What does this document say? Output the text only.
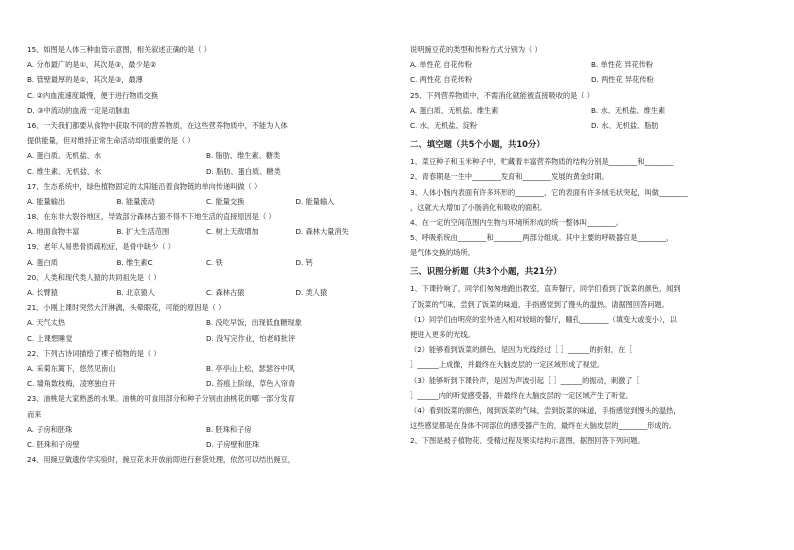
15、如图是人体三种血管示意图，相关叙述正确的是（ ）
A. 分布最广的是①，其次是③，最少是②
B. 管壁最厚的是①，其次是③，最薄
C. ②内血流速度最慢，便于进行物质交换
D. ③中流动的血液一定是动脉血
16、一天我们都要从食物中获取不同的营养物质，在这些营养物质中，不能为人体
提供能量，但对维持正常生命活动却很重要的是（ ）
A. 蛋白质、无机盐、水	B. 脂肪、维生素、糖类
C. 维生素、无机盐、水	D. 脂肪、蛋白质、糖类
17、生态系统中，绿色植物固定的太阳能沿着食物链的单向传递叫做（ ）
A. 能量输出	B. 能量流动	C. 能量交换	D. 能量输入
18、在东非大裂谷地区，导致部分森林古猿不得不下地生活的直接原因是（ ）
A. 地面食物丰富	B. 扩大生活范围	C. 树上天敌增加	D. 森林大量消失
19、老年人易患骨质疏松症，是骨中缺少（ ）
A. 蛋白质	B. 维生素C	C. 铁	D. 钙
20、人类和现代类人猿的共同祖先是（ ）
A. 长臂猿	B. 北京猿人	C. 森林古猿	D. 类人猿
21、小刚上课时突然大汗淋漓，头晕眼花，可能的原因是（ ）
A. 天气太热	B. 没吃早饭，出现低血糖现象
C. 上课想睡觉	D. 没写完作业，怕老师批评
22、下列古诗词描绘了裸子植物的是（ ）
A. 采菊东篱下，悠然见南山	B. 亭亭山上松，瑟瑟谷中风
C. 墙角数枝梅，凌寒独自开	D. 苔痕上阶绿，草色入帘青
23、油桃是大家熟悉的水果。油桃的可食用部分和种子分别由油桃花的哪一部分发育
而来
A. 子房和胚珠	B. 胚珠和子房
C. 胚珠和子房壁	D. 子房壁和胚珠
24、用豌豆做遗传学实验时，豌豆花未开放前即进行套袋处理，依然可以结出豌豆，
说明豌豆花的类型和传粉方式分别为（ ）
A. 单性花 自花传粉	B. 单性花 异花传粉
C. 两性花 自花传粉	D. 两性花 异花传粉
25、下列营养物质中，不需消化就能被直接吸收的是（ ）
A. 蛋白质、无机盐、维生素	B. 水、无机盐、维生素
C. 水、无机盐、淀粉	D. 水、无机盐、脂肪
二、填空题（共5个小题，共10分）
1、菜豆种子和玉米种子中，贮藏着丰富营养物质的结构分别是________和________
2、青春期是一生中________发育和________发展的黄金时期。
3、人体小肠内表面有许多环形的________，它的表面有许多绒毛状突起，叫做________
，这就大大增加了小肠消化和吸收的面积。
4、在一定的空间范围内生物与环境所形成的统一整体叫________。
5、呼吸系统由________和________两部分组成。其中主要的呼吸器官是________，
是气体交换的场所。
三、识图分析题（共3个小题，共21分）
1、下课铃响了，同学们匆匆地跑出教室，直奔餐厅，同学们看到了饭菜的颜色，闻到
了饭菜的气味，尝到了饭菜的味道，手指感觉到了馒头的温热。请据图回答问题。
（1）同学们由明亮的室外进入相对较暗的餐厅，瞳孔________（填变大或变小），以
便进入更多的光线。
（2）能够看到饭菜的颜色，是因为光线经过［ ］______的折射，在［
］______上成像，并最终在大脑皮层的一定区域形成了视觉。
（3）能够听到下课铃声，是因为声波引起［ ］______的振动，刺激了［
］______内的听觉感受器，并最终在大脑皮层的一定区域产生了听觉。
（4）看到饭菜的颜色，闻到饭菜的气味，尝到饭菜的味道，手指感觉到馒头的温热，
这些感觉都是在身体不同部位的感受器产生的，最终在大脑皮层的________形成的。
2、下图是被子植物花、受精过程及果实结构示意图，据图回答下列问题。
